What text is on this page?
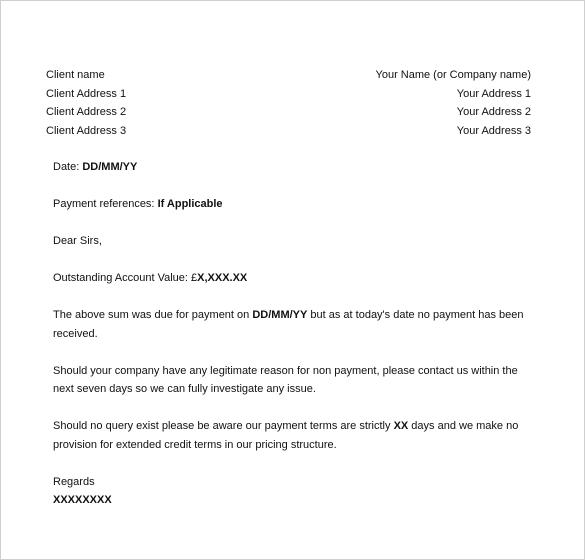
Client name
Client Address 1
Client Address 2
Client Address 3
Your Name (or Company name)
Your Address 1
Your Address 2
Your Address 3

Date: DD/MM/YY

Payment references: If Applicable

Dear Sirs,

Outstanding Account Value: £X,XXX.XX

The above sum was due for payment on DD/MM/YY but as at today's date no payment has been received.

Should your company have any legitimate reason for non payment, please contact us within the next seven days so we can fully investigate any issue.

Should no query exist please be aware our payment terms are strictly XX days and we make no provision for extended credit terms in our pricing structure.

Regards

XXXXXXXX
